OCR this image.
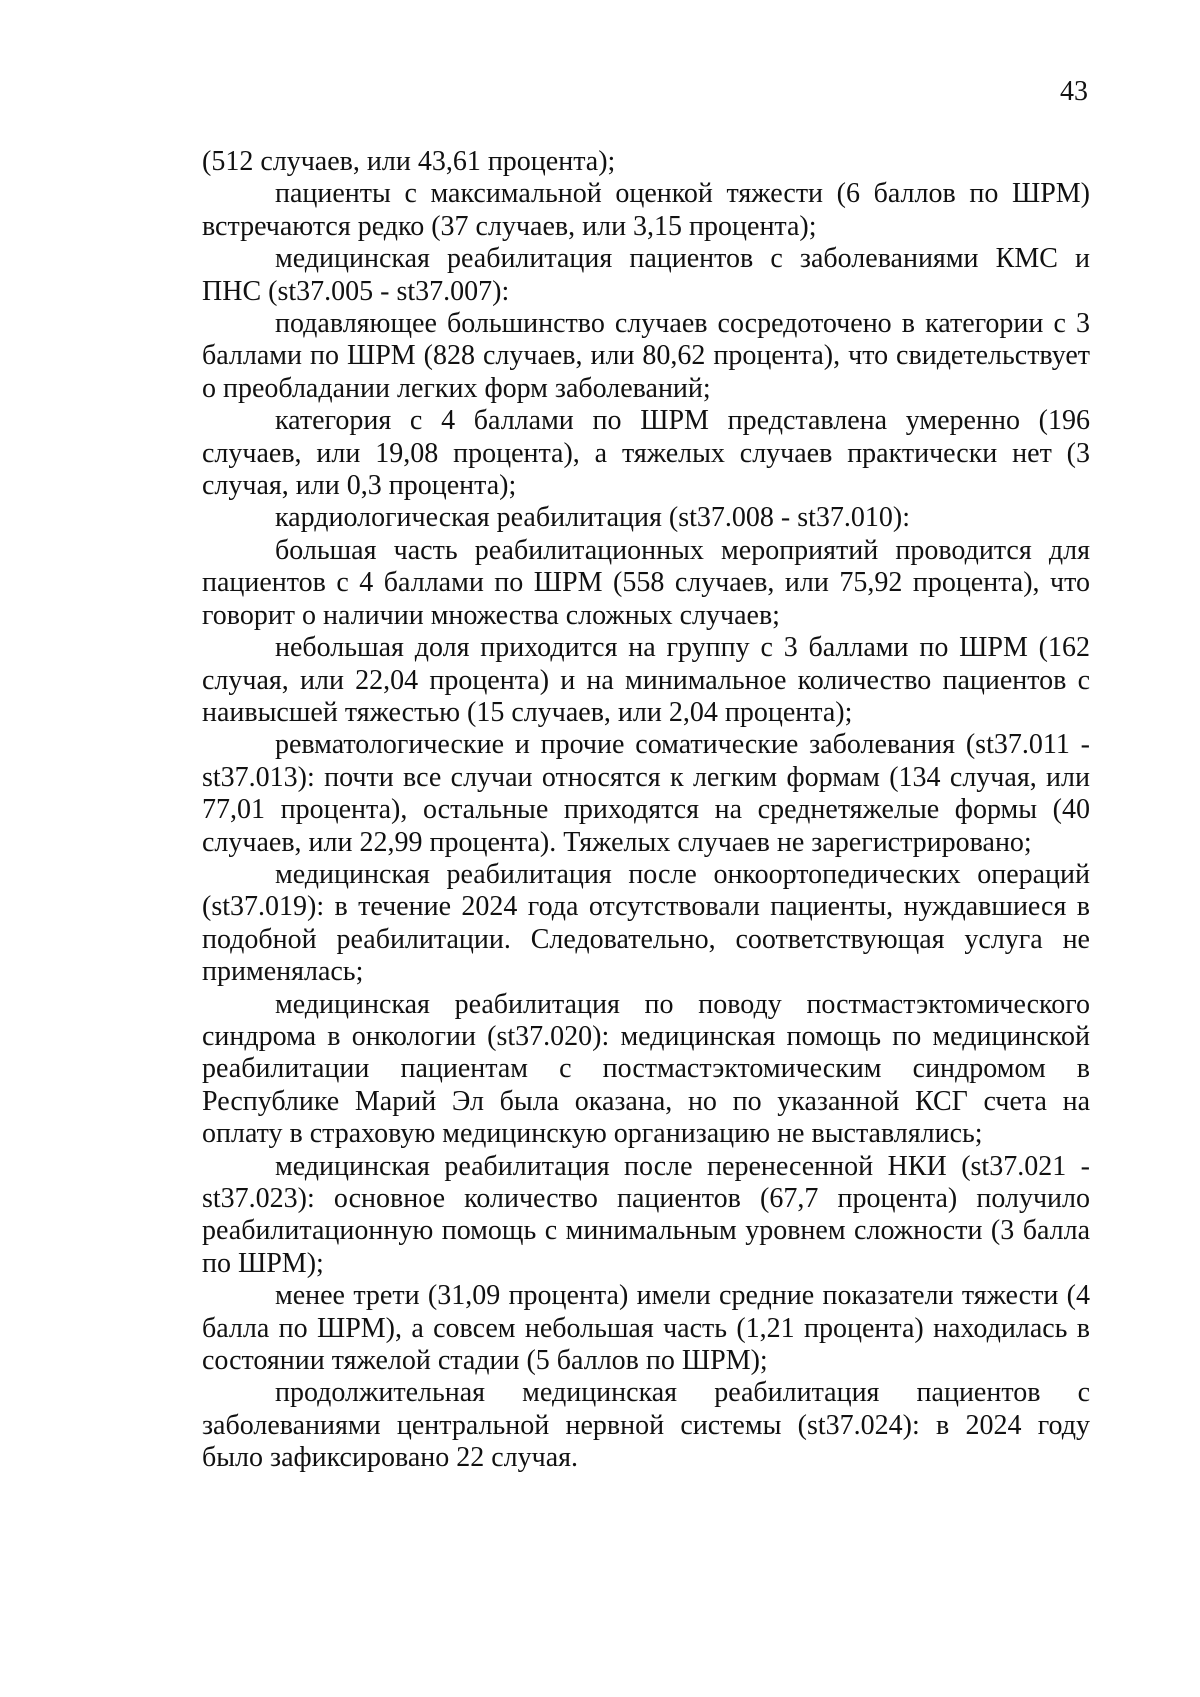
43

(512 случаев, или 43,61 процента);

пациенты с максимальной оценкой тяжести (6 баллов по ШРМ) встречаются редко (37 случаев, или 3,15 процента);

медицинская реабилитация пациентов с заболеваниями КМС и ПНС (st37.005 - st37.007):

подавляющее большинство случаев сосредоточено в категории с 3 баллами по ШРМ (828 случаев, или 80,62 процента), что свидетельствует о преобладании легких форм заболеваний;

категория с 4 баллами по ШРМ представлена умеренно (196 случаев, или 19,08 процента), а тяжелых случаев практически нет (3 случая, или 0,3 процента);

кардиологическая реабилитация (st37.008 - st37.010):

большая часть реабилитационных мероприятий проводится для пациентов с 4 баллами по ШРМ (558 случаев, или 75,92 процента), что говорит о наличии множества сложных случаев;

небольшая доля приходится на группу с 3 баллами по ШРМ (162 случая, или 22,04 процента) и на минимальное количество пациентов с наивысшей тяжестью (15 случаев, или 2,04 процента);

ревматологические и прочие соматические заболевания (st37.011 - st37.013): почти все случаи относятся к легким формам (134 случая, или 77,01 процента), остальные приходятся на среднетяжелые формы (40 случаев, или 22,99 процента). Тяжелых случаев не зарегистрировано;

медицинская реабилитация после онкоортопедических операций (st37.019): в течение 2024 года отсутствовали пациенты, нуждавшиеся в подобной реабилитации. Следовательно, соответствующая услуга не применялась;

медицинская реабилитация по поводу постмастэктомического синдрома в онкологии (st37.020): медицинская помощь по медицинской реабилитации пациентам с постмастэктомическим синдромом в Республике Марий Эл была оказана, но по указанной КСГ счета на оплату в страховую медицинскую организацию не выставлялись;

медицинская реабилитация после перенесенной НКИ (st37.021 - st37.023): основное количество пациентов (67,7 процента) получило реабилитационную помощь с минимальным уровнем сложности (3 балла по ШРМ);

менее трети (31,09 процента) имели средние показатели тяжести (4 балла по ШРМ), а совсем небольшая часть (1,21 процента) находилась в состоянии тяжелой стадии (5 баллов по ШРМ);

продолжительная медицинская реабилитация пациентов с заболеваниями центральной нервной системы (st37.024): в 2024 году было зафиксировано 22 случая.
